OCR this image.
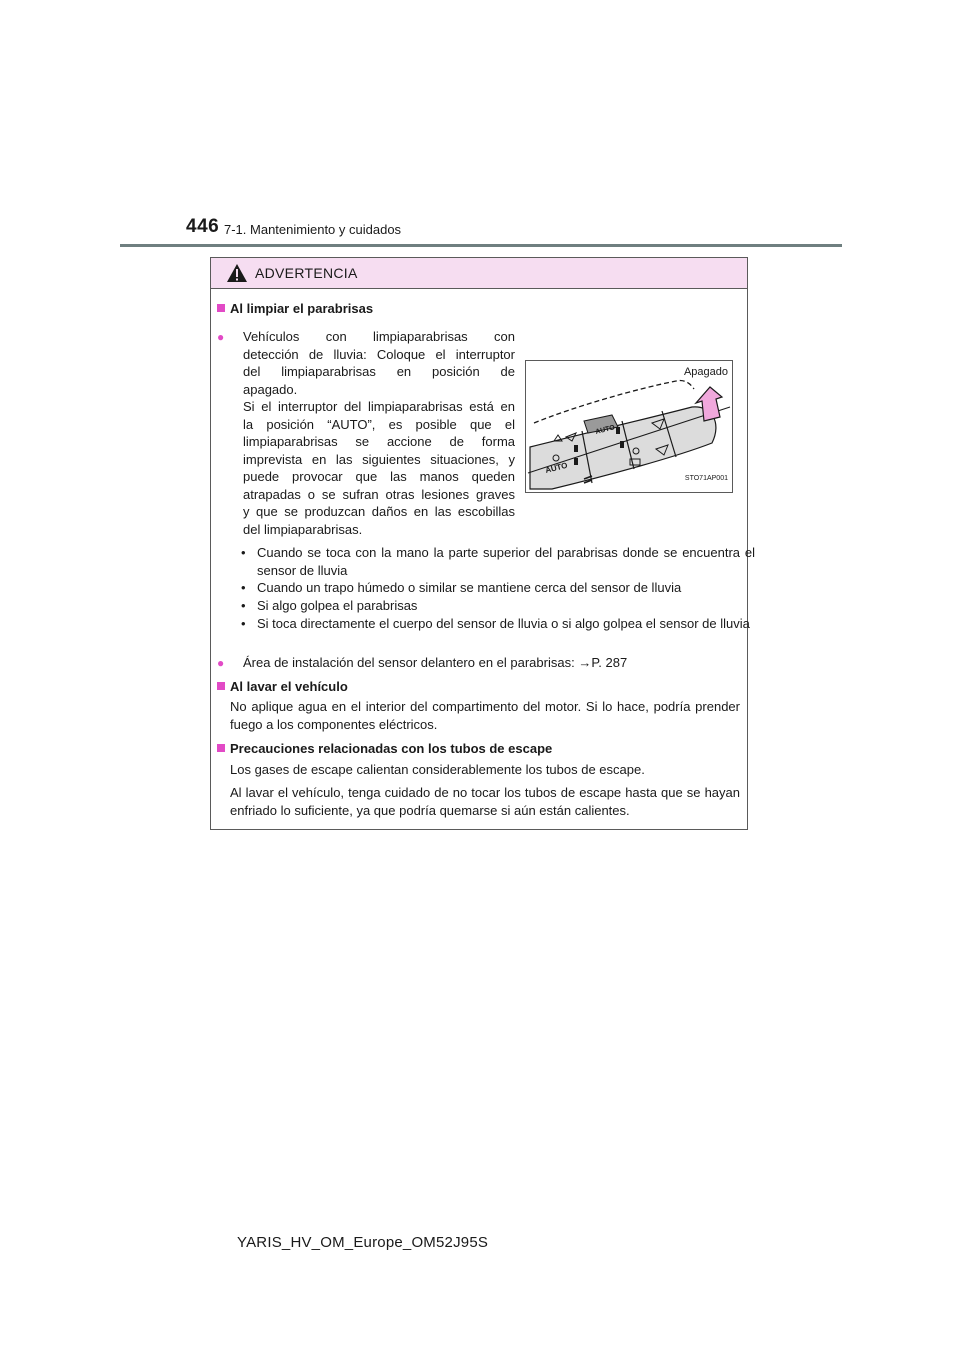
446 7-1. Mantenimiento y cuidados
ADVERTENCIA
Al limpiar el parabrisas
● Vehículos con limpiaparabrisas con
detección de lluvia: Coloque el interruptor
del limpiaparabrisas en posición de
apagado.
Si el interruptor del limpiaparabrisas está en
la posición “AUTO”, es posible que el
limpiaparabrisas se accione de forma
imprevista en las siguientes situaciones, y
puede provocar que las manos queden
atrapadas o se sufran otras lesiones graves
y que se produzcan daños en las escobillas
del limpiaparabrisas.
AUTO
AUTO
Apagado
STO71AP001
• Cuando se toca con la mano la parte superior del parabrisas donde se encuentra el sensor de lluvia
• Cuando un trapo húmedo o similar se mantiene cerca del sensor de lluvia
• Si algo golpea el parabrisas
• Si toca directamente el cuerpo del sensor de lluvia o si algo golpea el sensor de lluvia
● Área de instalación del sensor delantero en el parabrisas: →P. 287
Al lavar el vehículo
No aplique agua en el interior del compartimento del motor. Si lo hace, podría prender fuego a los componentes eléctricos.
Precauciones relacionadas con los tubos de escape
Los gases de escape calientan considerablemente los tubos de escape.
Al lavar el vehículo, tenga cuidado de no tocar los tubos de escape hasta que se hayan enfriado lo suficiente, ya que podría quemarse si aún están calientes.
YARIS_HV_OM_Europe_OM52J95S
